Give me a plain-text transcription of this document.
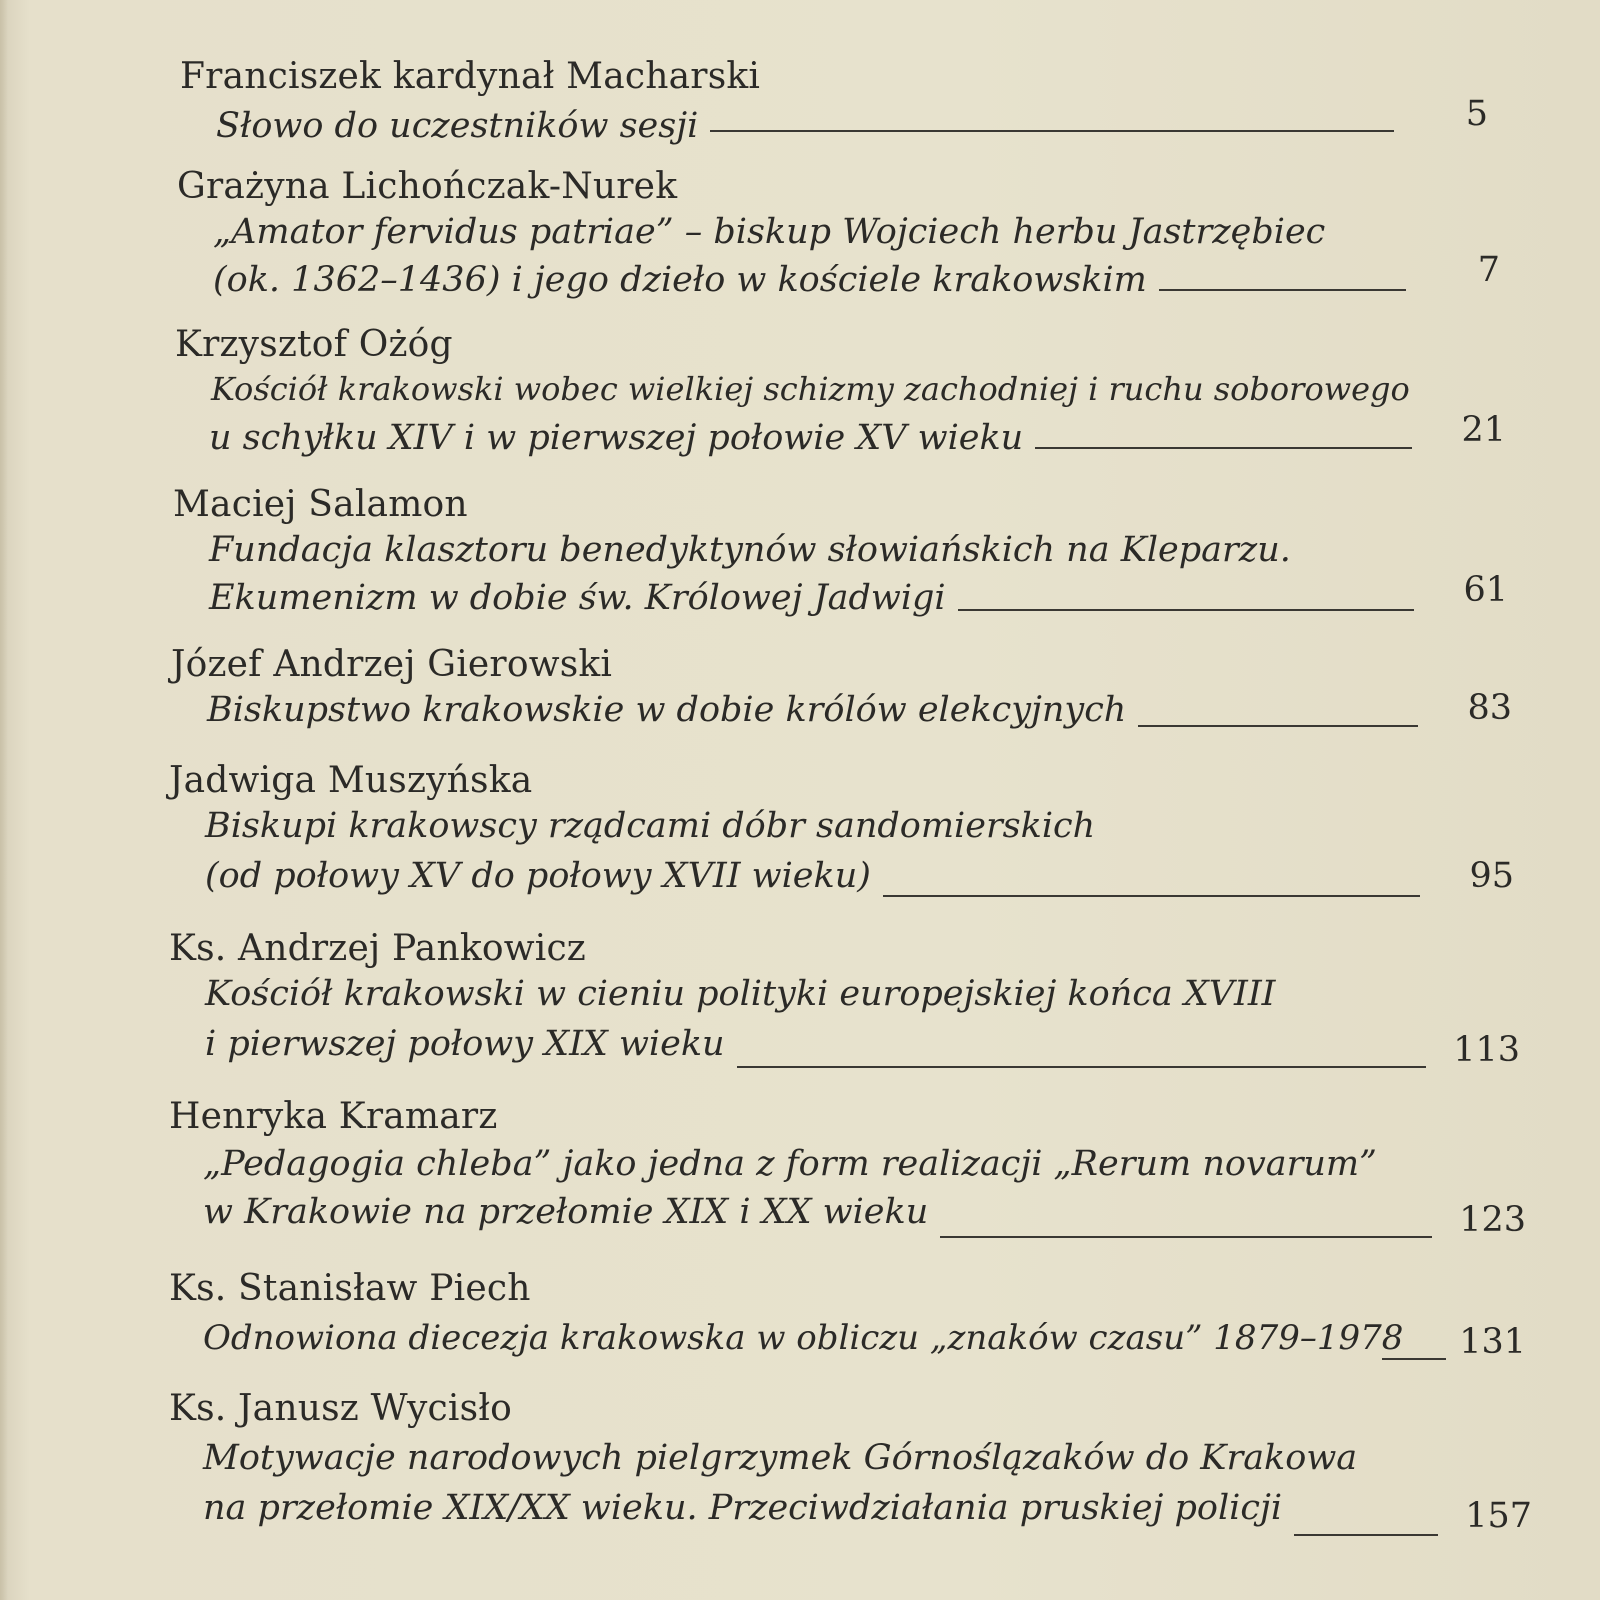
Franciszek kardynał Macharski
Słowo do uczestników sesji	5
Grażyna Lichończak-Nurek
„Amator fervidus patriae” – biskup Wojciech herbu Jastrzębiec
(ok. 1362–1436) i jego dzieło w kościele krakowskim	7
Krzysztof Ożóg
Kościół krakowski wobec wielkiej schizmy zachodniej i ruchu soborowego
u schyłku XIV i w pierwszej połowie XV wieku	21
Maciej Salamon
Fundacja klasztoru benedyktynów słowiańskich na Kleparzu.
Ekumenizm w dobie św. Królowej Jadwigi	61
Józef Andrzej Gierowski
Biskupstwo krakowskie w dobie królów elekcyjnych	83
Jadwiga Muszyńska
Biskupi krakowscy rządcami dóbr sandomierskich
(od połowy XV do połowy XVII wieku)	95
Ks. Andrzej Pankowicz
Kościół krakowski w cieniu polityki europejskiej końca XVIII
i pierwszej połowy XIX wieku	113
Henryka Kramarz
„Pedagogia chleba” jako jedna z form realizacji „Rerum novarum”
w Krakowie na przełomie XIX i XX wieku	123
Ks. Stanisław Piech
Odnowiona diecezja krakowska w obliczu „znaków czasu” 1879–1978	131
Ks. Janusz Wycisło
Motywacje narodowych pielgrzymek Górnoślązaków do Krakowa
na przełomie XIX/XX wieku. Przeciwdziałania pruskiej policji	157
